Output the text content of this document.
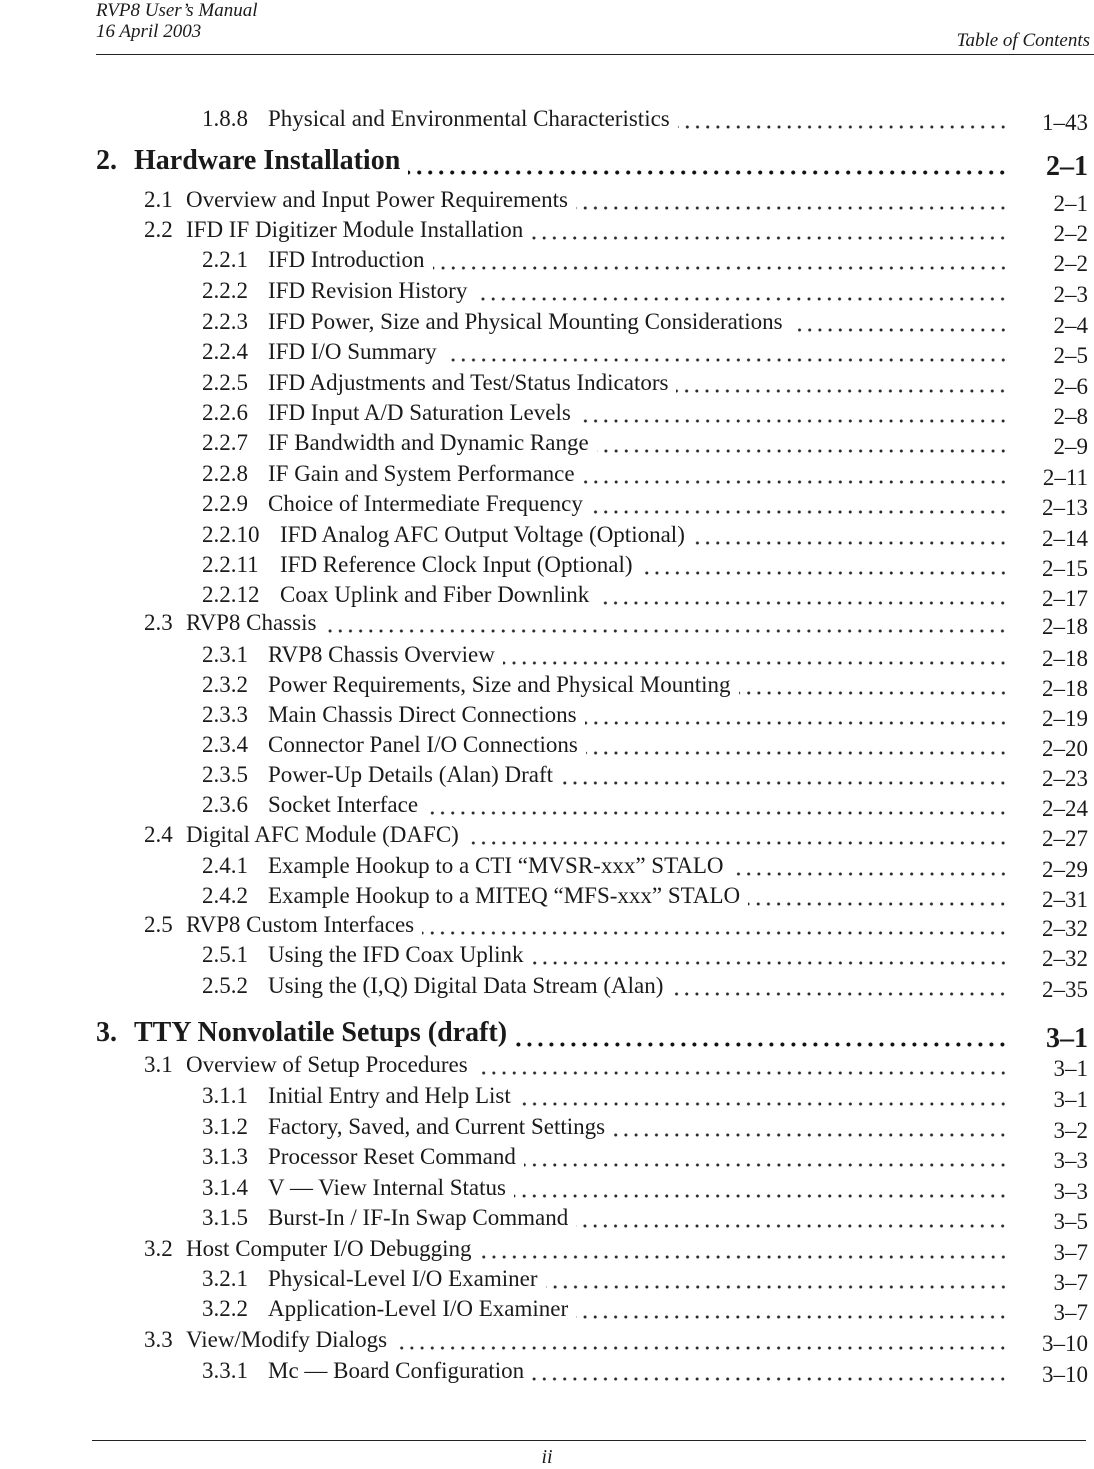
RVP8 User’s Manual
16 April 2003	Table of Contents
1.8.8 Physical and Environmental Characteristics	1–43
2. Hardware Installation	2–1
2.1 Overview and Input Power Requirements	2–1
2.2 IFD IF Digitizer Module Installation	2–2
2.2.1 IFD Introduction	2–2
2.2.2 IFD Revision History	2–3
2.2.3 IFD Power, Size and Physical Mounting Considerations	2–4
2.2.4 IFD I/O Summary	2–5
2.2.5 IFD Adjustments and Test/Status Indicators	2–6
2.2.6 IFD Input A/D Saturation Levels	2–8
2.2.7 IF Bandwidth and Dynamic Range	2–9
2.2.8 IF Gain and System Performance	2–11
2.2.9 Choice of Intermediate Frequency	2–13
2.2.10 IFD Analog AFC Output Voltage (Optional)	2–14
2.2.11 IFD Reference Clock Input (Optional)	2–15
2.2.12 Coax Uplink and Fiber Downlink	2–17
2.3 RVP8 Chassis	2–18
2.3.1 RVP8 Chassis Overview	2–18
2.3.2 Power Requirements, Size and Physical Mounting	2–18
2.3.3 Main Chassis Direct Connections	2–19
2.3.4 Connector Panel I/O Connections	2–20
2.3.5 Power-Up Details (Alan) Draft	2–23
2.3.6 Socket Interface	2–24
2.4 Digital AFC Module (DAFC)	2–27
2.4.1 Example Hookup to a CTI “MVSR-xxx” STALO	2–29
2.4.2 Example Hookup to a MITEQ “MFS-xxx” STALO	2–31
2.5 RVP8 Custom Interfaces	2–32
2.5.1 Using the IFD Coax Uplink	2–32
2.5.2 Using the (I,Q) Digital Data Stream (Alan)	2–35
3. TTY Nonvolatile Setups (draft)	3–1
3.1 Overview of Setup Procedures	3–1
3.1.1 Initial Entry and Help List	3–1
3.1.2 Factory, Saved, and Current Settings	3–2
3.1.3 Processor Reset Command	3–3
3.1.4 V — View Internal Status	3–3
3.1.5 Burst-In / IF-In Swap Command	3–5
3.2 Host Computer I/O Debugging	3–7
3.2.1 Physical-Level I/O Examiner	3–7
3.2.2 Application-Level I/O Examiner	3–7
3.3 View/Modify Dialogs	3–10
3.3.1 Mc — Board Configuration	3–10
ii
